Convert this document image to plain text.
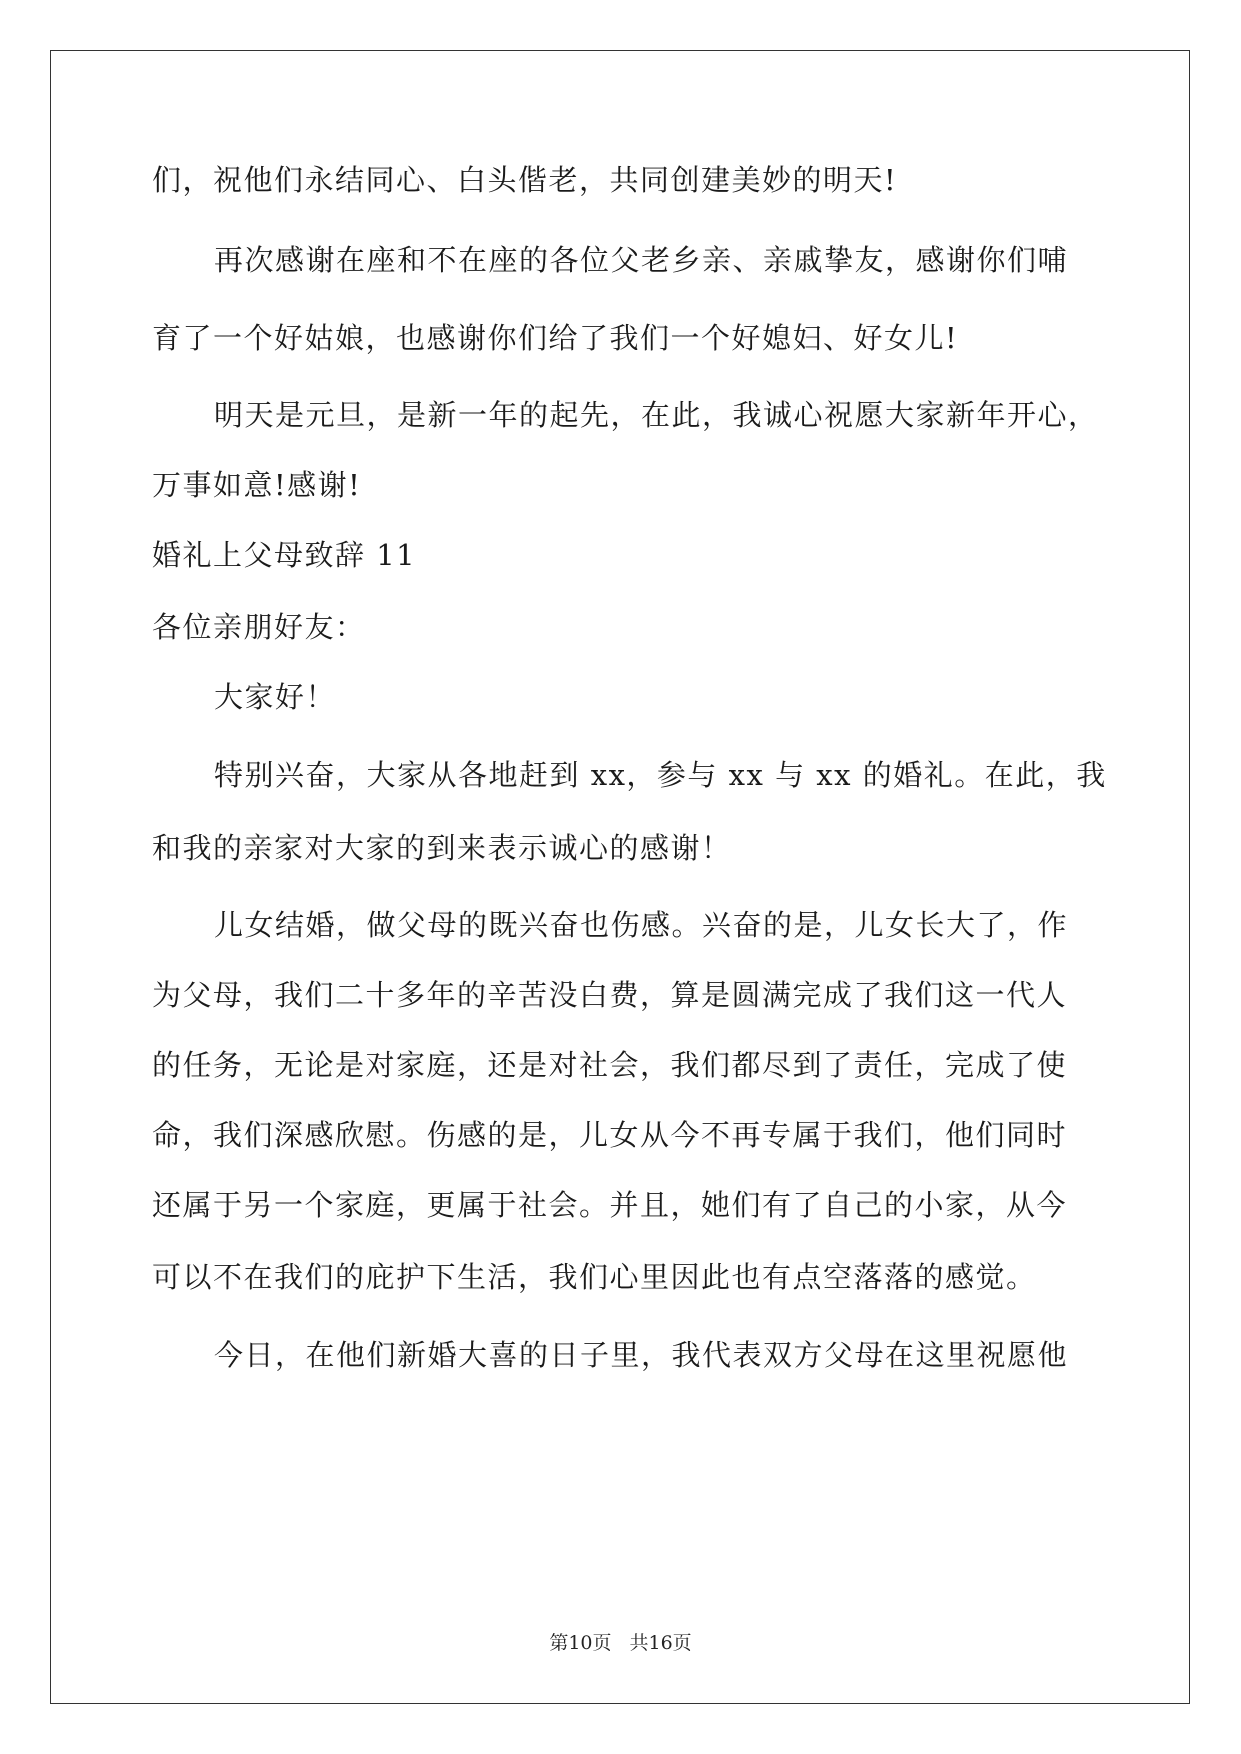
们，祝他们永结同心、白头偕老，共同创建美妙的明天!
再次感谢在座和不在座的各位父老乡亲、亲戚挚友，感谢你们哺
育了一个好姑娘，也感谢你们给了我们一个好媳妇、好女儿!
明天是元旦，是新一年的起先，在此，我诚心祝愿大家新年开心，
万事如意!感谢!
婚礼上父母致辞 11
各位亲朋好友：
大家好！
特别兴奋，大家从各地赶到 xx，参与 xx 与 xx 的婚礼。在此，我
和我的亲家对大家的到来表示诚心的感谢！
儿女结婚，做父母的既兴奋也伤感。兴奋的是，儿女长大了，作
为父母，我们二十多年的辛苦没白费，算是圆满完成了我们这一代人
的任务，无论是对家庭，还是对社会，我们都尽到了责任，完成了使
命，我们深感欣慰。伤感的是，儿女从今不再专属于我们，他们同时
还属于另一个家庭，更属于社会。并且，她们有了自己的小家，从今
可以不在我们的庇护下生活，我们心里因此也有点空落落的感觉。
今日，在他们新婚大喜的日子里，我代表双方父母在这里祝愿他
第10页 共16页
